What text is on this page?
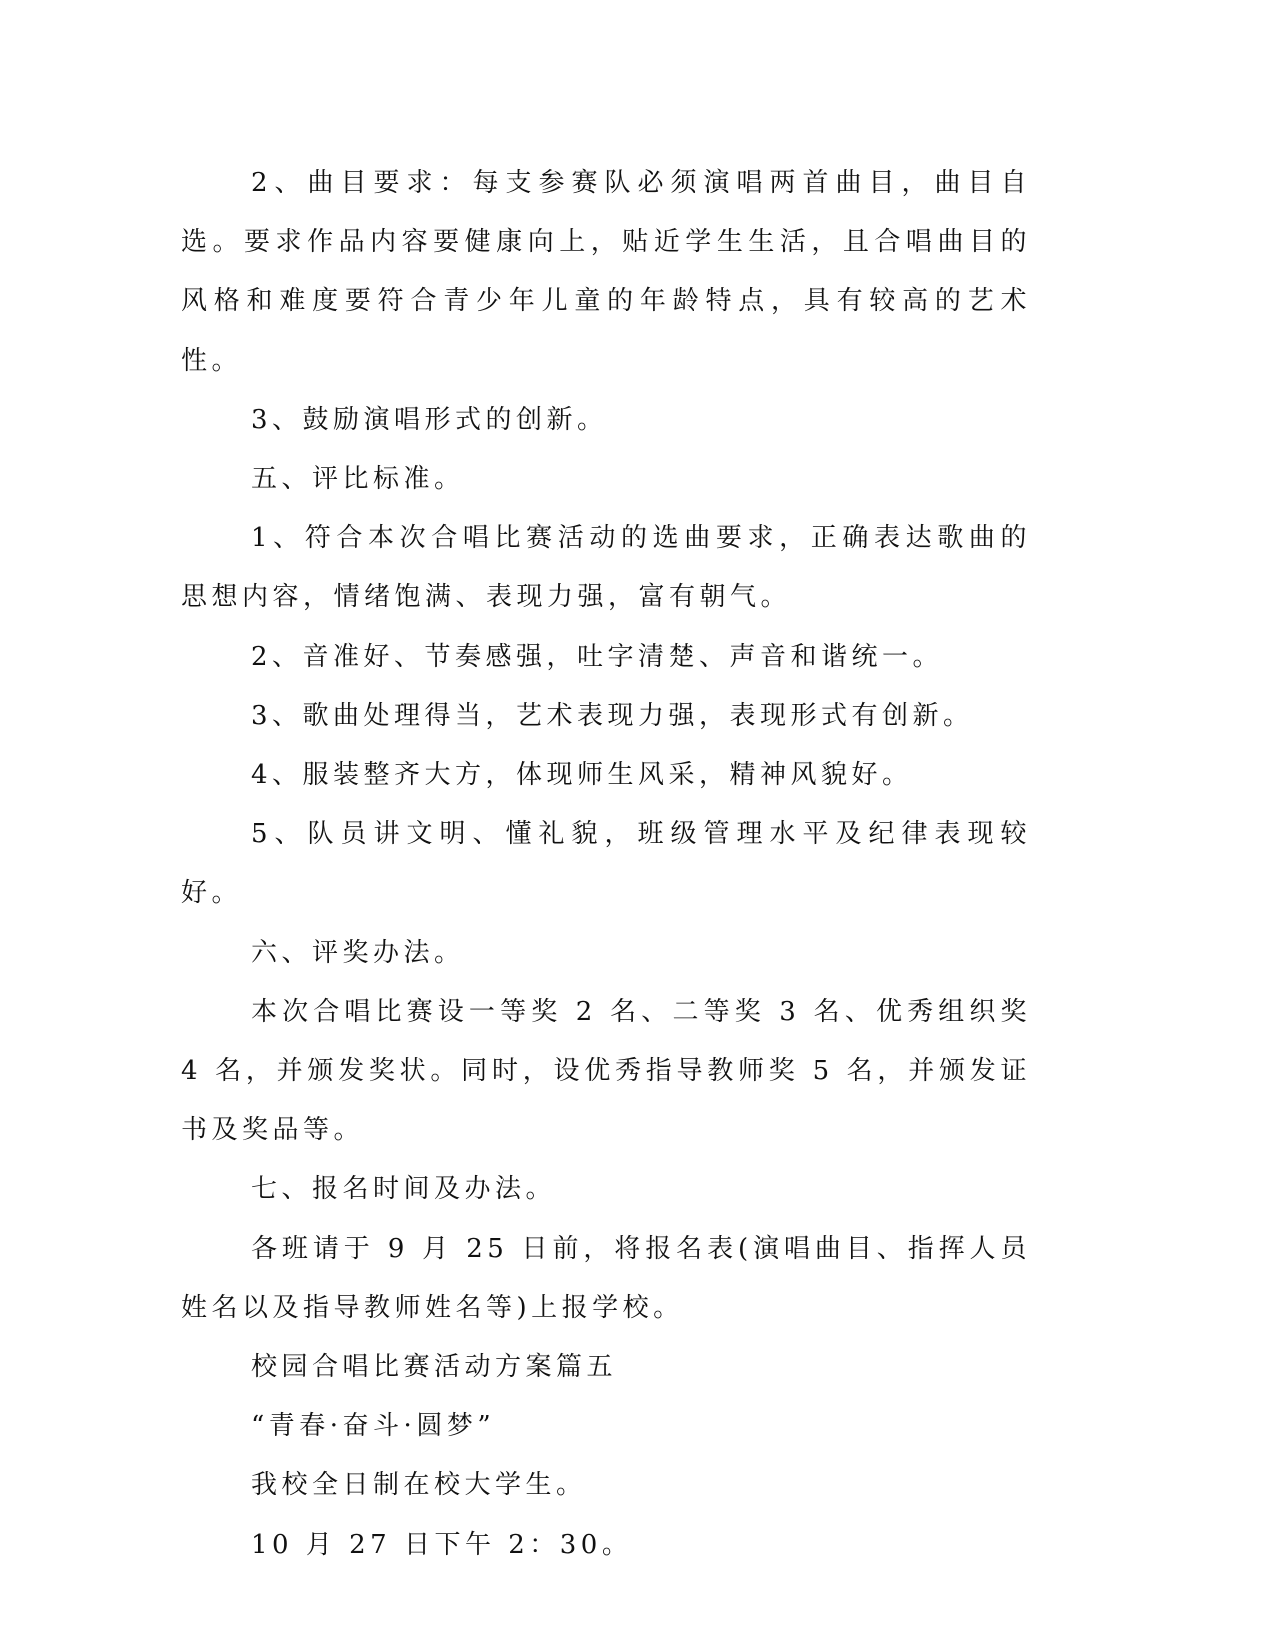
2、曲目要求：每支参赛队必须演唱两首曲目，曲目自选。要求作品内容要健康向上，贴近学生生活，且合唱曲目的风格和难度要符合青少年儿童的年龄特点，具有较高的艺术性。

3、鼓励演唱形式的创新。

五、评比标准。

1、符合本次合唱比赛活动的选曲要求，正确表达歌曲的思想内容，情绪饱满、表现力强，富有朝气。

2、音准好、节奏感强，吐字清楚、声音和谐统一。

3、歌曲处理得当，艺术表现力强，表现形式有创新。

4、服装整齐大方，体现师生风采，精神风貌好。

5、队员讲文明、懂礼貌，班级管理水平及纪律表现较好。

六、评奖办法。

本次合唱比赛设一等奖 2 名、二等奖 3 名、优秀组织奖 4 名，并颁发奖状。同时，设优秀指导教师奖 5 名，并颁发证书及奖品等。

七、报名时间及办法。

各班请于 9 月 25 日前，将报名表(演唱曲目、指挥人员姓名以及指导教师姓名等)上报学校。

校园合唱比赛活动方案篇五

“青春·奋斗·圆梦”

我校全日制在校大学生。

10 月 27 日下午 2：30。
